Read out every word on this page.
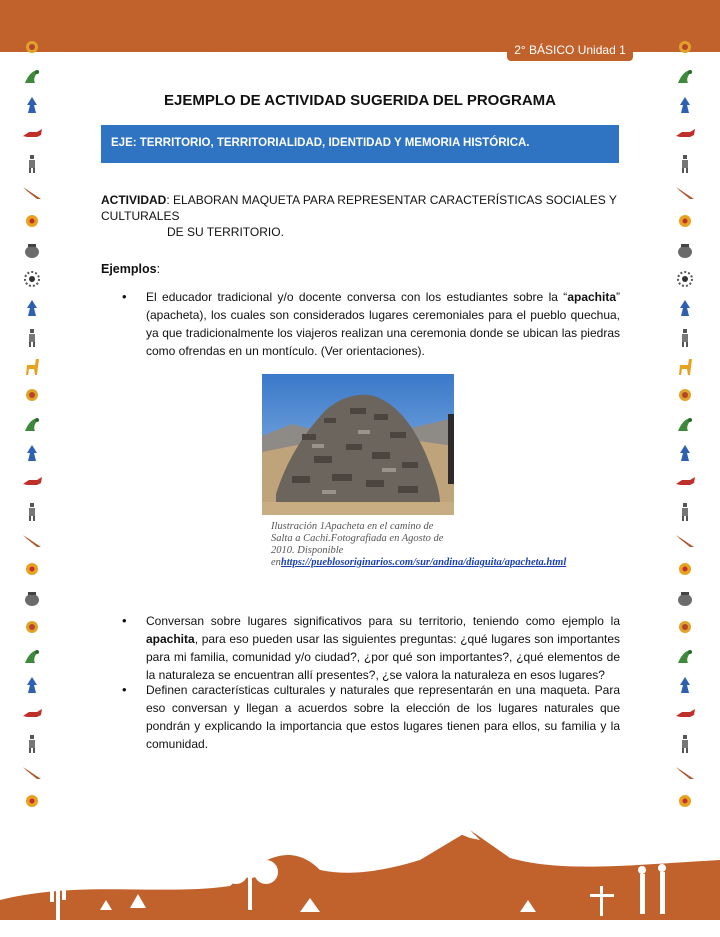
2° BÁSICO Unidad 1
EJEMPLO DE ACTIVIDAD SUGERIDA DEL PROGRAMA
EJE: TERRITORIO, TERRITORIALIDAD, IDENTIDAD Y MEMORIA HISTÓRICA.
ACTIVIDAD: ELABORAN MAQUETA PARA REPRESENTAR CARACTERÍSTICAS SOCIALES Y CULTURALES
DE SU TERRITORIO.
Ejemplos:
• El educador tradicional y/o docente conversa con los estudiantes sobre la “apachita” (apacheta), los cuales son considerados lugares ceremoniales para el pueblo quechua, ya que tradicionalmente los viajeros realizan una ceremonia donde se ubican las piedras como ofrendas en un montículo. (Ver orientaciones).
Ilustración 1Apacheta en el camino de Salta a Cachi.Fotografiada en Agosto de 2010. Disponible enhttps://pueblosoriginarios.com/sur/andina/diaguita/apacheta.html
• Conversan sobre lugares significativos para su territorio, teniendo como ejemplo la apachita, para eso pueden usar las siguientes preguntas: ¿qué lugares son importantes para mi familia, comunidad y/o ciudad?, ¿por qué son importantes?, ¿qué elementos de la naturaleza se encuentran allí presentes?, ¿se valora la naturaleza en esos lugares?
• Definen características culturales y naturales que representarán en una maqueta. Para eso conversan y llegan a acuerdos sobre la elección de los lugares naturales que pondrán y explicando la importancia que estos lugares tienen para ellos, su familia y la comunidad.
